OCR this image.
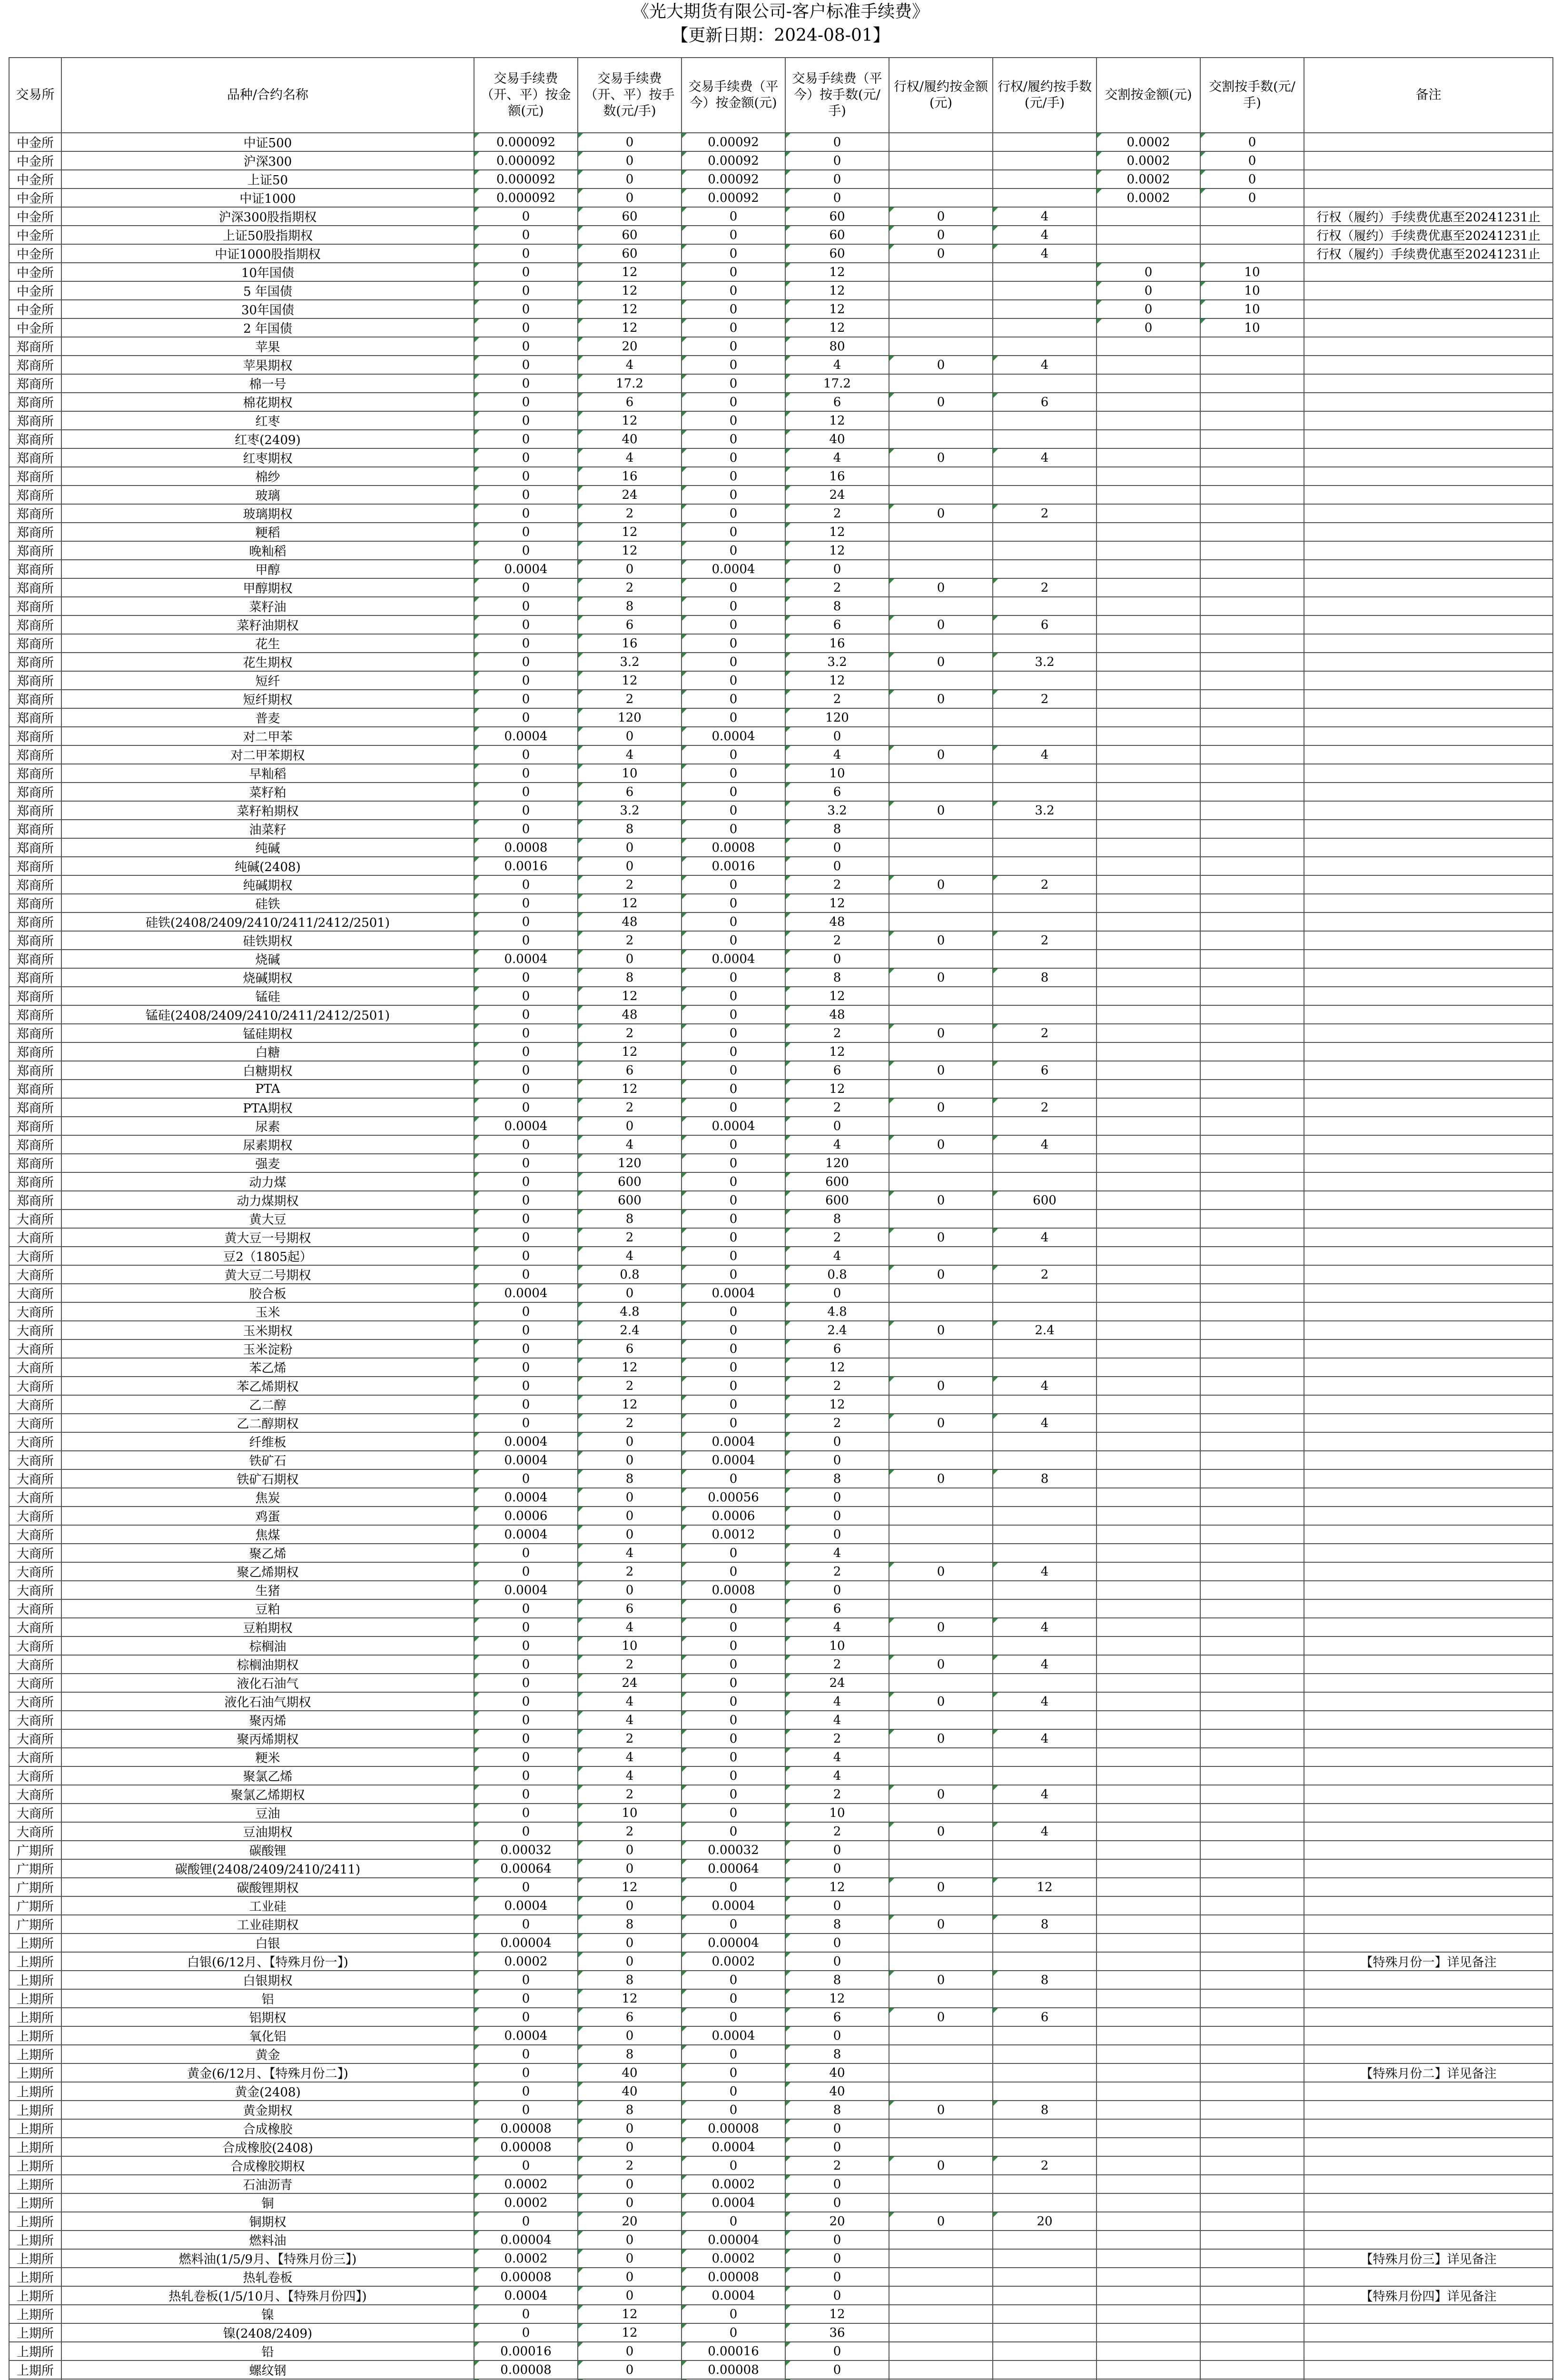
《光大期货有限公司-客户标准手续费》
【更新日期：2024-08-01】
交易所	品种/合约名称	交易手续费（开、平）按金额(元)	交易手续费（开、平）按手数(元/手)	交易手续费（平今）按金额(元)	交易手续费（平今）按手数(元/手)	行权/履约按金额(元)	行权/履约按手数(元/手)	交割按金额(元)	交割按手数(元/手)	备注
中金所	中证500	0.000092	0	0.00092	0			0.0002	0	
中金所	沪深300	0.000092	0	0.00092	0			0.0002	0	
中金所	上证50	0.000092	0	0.00092	0			0.0002	0	
中金所	中证1000	0.000092	0	0.00092	0			0.0002	0	
中金所	沪深300股指期权	0	60	0	60	0	4			行权（履约）手续费优惠至20241231止
中金所	上证50股指期权	0	60	0	60	0	4			行权（履约）手续费优惠至20241231止
中金所	中证1000股指期权	0	60	0	60	0	4			行权（履约）手续费优惠至20241231止
中金所	10年国债	0	12	0	12			0	10	
中金所	5 年国债	0	12	0	12			0	10	
中金所	30年国债	0	12	0	12			0	10	
中金所	2 年国债	0	12	0	12			0	10	
郑商所	苹果	0	20	0	80					
郑商所	苹果期权	0	4	0	4	0	4			
郑商所	棉一号	0	17.2	0	17.2					
郑商所	棉花期权	0	6	0	6	0	6			
郑商所	红枣	0	12	0	12					
郑商所	红枣(2409)	0	40	0	40					
郑商所	红枣期权	0	4	0	4	0	4			
郑商所	棉纱	0	16	0	16					
郑商所	玻璃	0	24	0	24					
郑商所	玻璃期权	0	2	0	2	0	2			
郑商所	粳稻	0	12	0	12					
郑商所	晚籼稻	0	12	0	12					
郑商所	甲醇	0.0004	0	0.0004	0					
郑商所	甲醇期权	0	2	0	2	0	2			
郑商所	菜籽油	0	8	0	8					
郑商所	菜籽油期权	0	6	0	6	0	6			
郑商所	花生	0	16	0	16					
郑商所	花生期权	0	3.2	0	3.2	0	3.2			
郑商所	短纤	0	12	0	12					
郑商所	短纤期权	0	2	0	2	0	2			
郑商所	普麦	0	120	0	120					
郑商所	对二甲苯	0.0004	0	0.0004	0					
郑商所	对二甲苯期权	0	4	0	4	0	4			
郑商所	早籼稻	0	10	0	10					
郑商所	菜籽粕	0	6	0	6					
郑商所	菜籽粕期权	0	3.2	0	3.2	0	3.2			
郑商所	油菜籽	0	8	0	8					
郑商所	纯碱	0.0008	0	0.0008	0					
郑商所	纯碱(2408)	0.0016	0	0.0016	0					
郑商所	纯碱期权	0	2	0	2	0	2			
郑商所	硅铁	0	12	0	12					
郑商所	硅铁(2408/2409/2410/2411/2412/2501)	0	48	0	48					
郑商所	硅铁期权	0	2	0	2	0	2			
郑商所	烧碱	0.0004	0	0.0004	0					
郑商所	烧碱期权	0	8	0	8	0	8			
郑商所	锰硅	0	12	0	12					
郑商所	锰硅(2408/2409/2410/2411/2412/2501)	0	48	0	48					
郑商所	锰硅期权	0	2	0	2	0	2			
郑商所	白糖	0	12	0	12					
郑商所	白糖期权	0	6	0	6	0	6			
郑商所	PTA	0	12	0	12					
郑商所	PTA期权	0	2	0	2	0	2			
郑商所	尿素	0.0004	0	0.0004	0					
郑商所	尿素期权	0	4	0	4	0	4			
郑商所	强麦	0	120	0	120					
郑商所	动力煤	0	600	0	600					
郑商所	动力煤期权	0	600	0	600	0	600			
大商所	黄大豆	0	8	0	8					
大商所	黄大豆一号期权	0	2	0	2	0	4			
大商所	豆2（1805起）	0	4	0	4					
大商所	黄大豆二号期权	0	0.8	0	0.8	0	2			
大商所	胶合板	0.0004	0	0.0004	0					
大商所	玉米	0	4.8	0	4.8					
大商所	玉米期权	0	2.4	0	2.4	0	2.4			
大商所	玉米淀粉	0	6	0	6					
大商所	苯乙烯	0	12	0	12					
大商所	苯乙烯期权	0	2	0	2	0	4			
大商所	乙二醇	0	12	0	12					
大商所	乙二醇期权	0	2	0	2	0	4			
大商所	纤维板	0.0004	0	0.0004	0					
大商所	铁矿石	0.0004	0	0.0004	0					
大商所	铁矿石期权	0	8	0	8	0	8			
大商所	焦炭	0.0004	0	0.00056	0					
大商所	鸡蛋	0.0006	0	0.0006	0					
大商所	焦煤	0.0004	0	0.0012	0					
大商所	聚乙烯	0	4	0	4					
大商所	聚乙烯期权	0	2	0	2	0	4			
大商所	生猪	0.0004	0	0.0008	0					
大商所	豆粕	0	6	0	6					
大商所	豆粕期权	0	4	0	4	0	4			
大商所	棕榈油	0	10	0	10					
大商所	棕榈油期权	0	2	0	2	0	4			
大商所	液化石油气	0	24	0	24					
大商所	液化石油气期权	0	4	0	4	0	4			
大商所	聚丙烯	0	4	0	4					
大商所	聚丙烯期权	0	2	0	2	0	4			
大商所	粳米	0	4	0	4					
大商所	聚氯乙烯	0	4	0	4					
大商所	聚氯乙烯期权	0	2	0	2	0	4			
大商所	豆油	0	10	0	10					
大商所	豆油期权	0	2	0	2	0	4			
广期所	碳酸锂	0.00032	0	0.00032	0					
广期所	碳酸锂(2408/2409/2410/2411)	0.00064	0	0.00064	0					
广期所	碳酸锂期权	0	12	0	12	0	12			
广期所	工业硅	0.0004	0	0.0004	0					
广期所	工业硅期权	0	8	0	8	0	8			
上期所	白银	0.00004	0	0.00004	0					
上期所	白银(6/12月、【特殊月份一】)	0.0002	0	0.0002	0					【特殊月份一】详见备注
上期所	白银期权	0	8	0	8	0	8			
上期所	铝	0	12	0	12					
上期所	铝期权	0	6	0	6	0	6			
上期所	氧化铝	0.0004	0	0.0004	0					
上期所	黄金	0	8	0	8					
上期所	黄金(6/12月、【特殊月份二】)	0	40	0	40					【特殊月份二】详见备注
上期所	黄金(2408)	0	40	0	40					
上期所	黄金期权	0	8	0	8	0	8			
上期所	合成橡胶	0.00008	0	0.00008	0					
上期所	合成橡胶(2408)	0.00008	0	0.0004	0					
上期所	合成橡胶期权	0	2	0	2	0	2			
上期所	石油沥青	0.0002	0	0.0002	0					
上期所	铜	0.0002	0	0.0004	0					
上期所	铜期权	0	20	0	20	0	20			
上期所	燃料油	0.00004	0	0.00004	0					
上期所	燃料油(1/5/9月、【特殊月份三】)	0.0002	0	0.0002	0					【特殊月份三】详见备注
上期所	热轧卷板	0.00008	0	0.00008	0					
上期所	热轧卷板(1/5/10月、【特殊月份四】)	0.0004	0	0.0004	0					【特殊月份四】详见备注
上期所	镍	0	12	0	12					
上期所	镍(2408/2409)	0	12	0	36					
上期所	铅	0.00016	0	0.00016	0					
上期所	螺纹钢	0.00008	0	0.00008	0					
